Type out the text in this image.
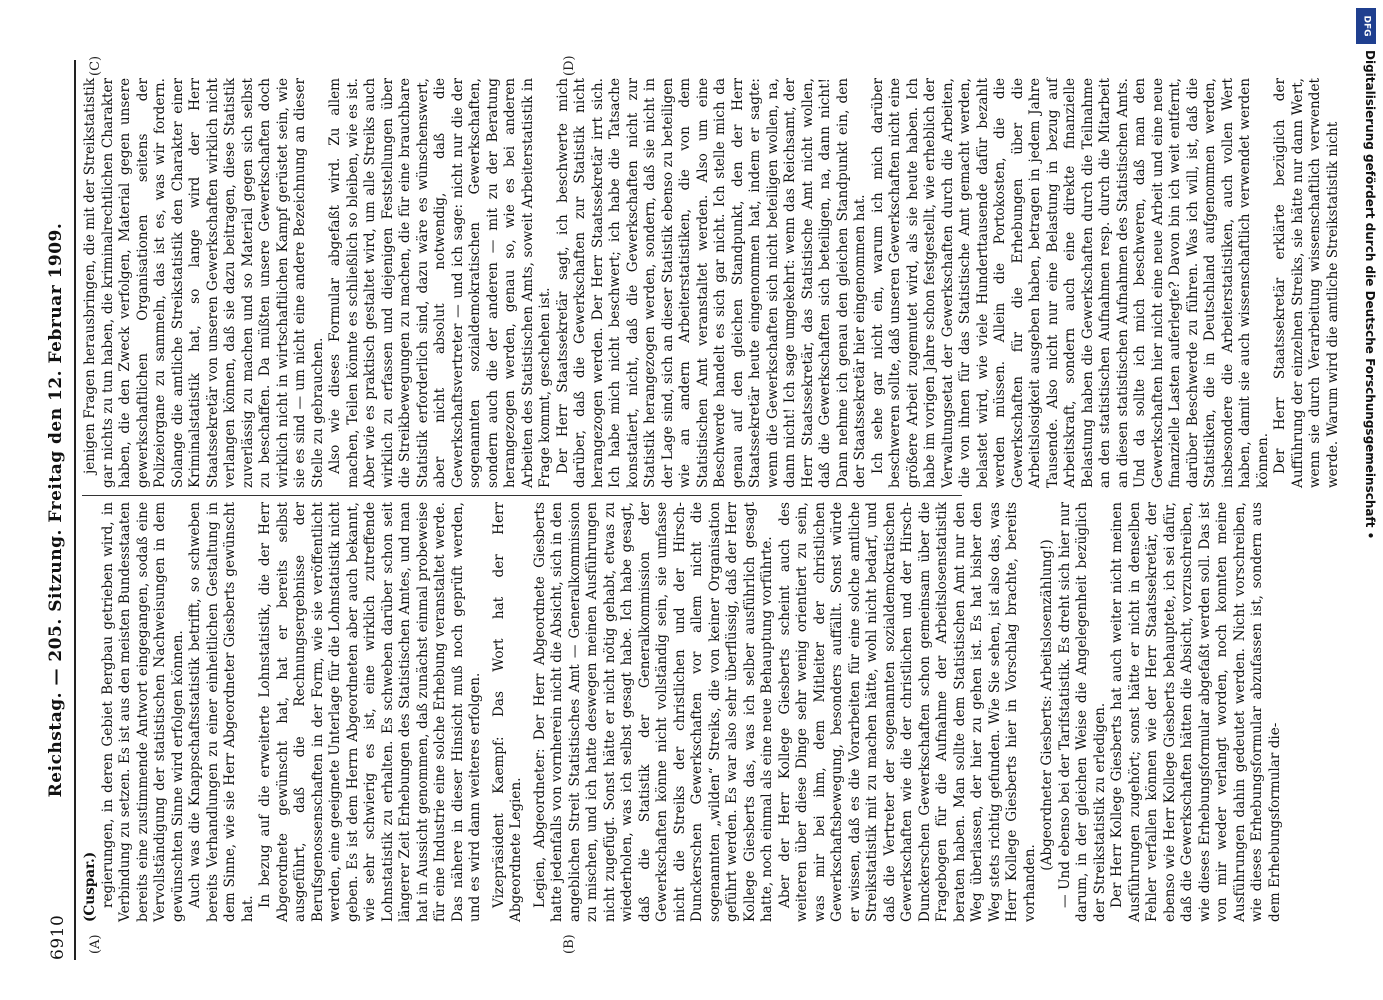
6910
Reichstag. — 205. Sitzung. Freitag den 12. Februar 1909.
(A)	(B)
(Cuspar.) regierungen, in deren Gebiet Bergbau getrieben wird, in Verbindung zu setzen. Es ist aus den meisten Bundesstaaten bereits eine zustimmende Antwort eingegangen, sodaß eine Vervollständigung der statistischen Nachweisungen in dem gewünschten Sinne wird erfolgen können. Auch was die Knappschaftsstatistik betrifft, so schweben bereits Verhandlungen zu einer einheitlichen Gestaltung in dem Sinne, wie sie Herr Abgeordneter Giesberts gewünscht hat.

In bezug auf die erweiterte Lohnstatistik, die der Herr Abgeordnete gewünscht hat, hat er bereits selbst ausgeführt, daß die Rechnungsergebnisse der Berufsgenossenschaften in der Form, wie sie veröffentlicht werden, eine geeignete Unterlage für die Lohnstatistik nicht geben. Es ist dem Herrn Abgeordneten aber auch bekannt, wie sehr schwierig es ist, eine wirklich zutreffende Lohnstatistik zu erhalten. Es schweben darüber schon seit längerer Zeit Erhebungen des Statistischen Amtes, und man hat in Aussicht genommen, daß zunächst einmal probeweise für eine Industrie eine solche Erhebung veranstaltet werde. Das nähere in dieser Hinsicht muß noch geprüft werden, und es wird dann weiteres erfolgen. Vizepräsident Kaempf: Das Wort hat der Herr Abgeordnete Legien. Legien, Abgeordneter: Der Herr Abgeordnete Giesberts hatte jedenfalls von vornherein nicht die Absicht, sich in den angeblichen Streit Statistisches Amt — Generalkommission zu mischen, und ich hatte deswegen meinen Ausführungen nicht zugefügt. Sonst hätte er nicht nötig gehabt, etwas zu wiederholen, was ich selbst gesagt habe. Ich habe gesagt, daß die Statistik der Generalkommission der Gewerkschaften könne nicht vollständig sein, sie umfasse nicht die Streiks der christlichen und der Hirsch-Dunckerschen Gewerkschaften vor allem nicht die sogenannten „wilden“ Streiks, die von keiner Organisation geführt werden. Es war also sehr überflüssig, daß der Herr Kollege Giesberts das, was ich selber ausführlich gesagt hatte, noch einmal als eine neue Behauptung vorführte. Aber der Herr Kollege Giesberts scheint auch des weiteren über diese Dinge sehr wenig orientiert zu sein, was mir bei ihm, dem Mitleiter der christlichen Gewerkschaftsbewegung, besonders auffällt. Sonst würde er wissen, daß es die Vorarbeiten für eine solche amtliche Streikstatistik mit zu machen hätte, wohl nicht bedarf, und daß die Vertreter der sogenannten sozialdemokratischen Gewerkschaften wie die der christlichen und der Hirsch-Dunckerschen Gewerkschaften schon gemeinsam über die Fragebogen für die Aufnahme der Arbeitslosenstatistik beraten haben. Man sollte dem Statistischen Amt nur den Weg überlassen, der hier zu gehen ist. Es hat bisher den Weg stets richtig gefunden. Wie Sie sehen, ist also das, was Herr Kollege Giesberts hier in Vorschlag brachte, bereits vorhanden.

(Abgeordneter Giesberts: Arbeitslosenzählung!) — Und ebenso bei der Tarifstatistik. Es dreht sich hier nur darum, in der gleichen Weise die Angelegenheit bezüglich der Streikstatistik zu erledigen. Der Herr Kollege Giesberts hat auch weiter nicht meinen Ausführungen zugehört; sonst hätte er nicht in denselben Fehler verfallen können wie der Herr Staatssekretär, der ebenso wie Herr Kollege Giesberts behauptete, ich sei dafür, daß die Gewerkschaften hätten die Absicht, vorzuschreiben, wie dieses Erhebungsformular abgefaßt werden soll. Das ist von mir weder verlangt worden, noch konnten meine Ausführungen dahin gedeutet werden. Nicht vorschreiben, wie dieses Erhebungsformular abzufassen ist, sondern aus dem Erhebungsformular die-

jenigen Fragen herausbringen, die mit der Streikstatistik gar nichts zu tun haben, die kriminalrechtlichen Charakter haben, die den Zweck verfolgen, Material gegen unsere gewerkschaftlichen Organisationen seitens der Polizeiorgane zu sammeln, das ist es, was wir fordern. Solange die amtliche Streikstatistik den Charakter einer Kriminalstatistik hat, so lange wird der Herr Staatssekretär von unseren Gewerkschaften wirklich nicht verlangen können, daß sie dazu beitragen, diese Statistik zuverlässig zu machen und so Material gegen sich selbst zu beschaffen. Da müßten unsere Gewerkschaften doch wirklich nicht in wirtschaftlichen Kampf gerüstet sein, wie sie es sind — um nicht eine andere Bezeichnung an dieser Stelle zu gebrauchen. Also wie dieses Formular abgefaßt wird. Zu allem machen, Teilen könnte es schließlich so bleiben, wie es ist. Aber wie es praktisch gestaltet wird, um alle Streiks auch wirklich zu erfassen und diejenigen Feststellungen über die Streikbewegungen zu machen, die für eine brauchbare Statistik erforderlich sind, dazu wäre es wünschenswert, aber nicht absolut notwendig, daß die Gewerkschaftsvertreter — und ich sage: nicht nur die der sogenannten sozialdemokratischen Gewerkschaften, sondern auch die der anderen — mit zu der Beratung herangezogen werden, genau so, wie es bei anderen Arbeiten des Statistischen Amts, soweit Arbeiterstatistik in Frage kommt, geschehen ist. Der Herr Staatssekretär sagt, ich beschwerte mich darüber, daß die Gewerkschaften zur Statistik nicht herangezogen werden. Der Herr Staatssekretär irrt sich. Ich habe mich nicht beschwert; ich habe die Tatsache konstatiert, nicht, daß die Gewerkschaften nicht zur Statistik herangezogen werden, sondern, daß sie nicht in der Lage sind, sich an dieser Statistik ebenso zu beteiligen wie an andern Arbeiterstatistiken, die von dem Statistischen Amt veranstaltet werden. Also um eine Beschwerde handelt es sich gar nicht. Ich stelle mich da genau auf den gleichen Standpunkt, den der Herr Staatssekretär heute eingenommen hat, indem er sagte: wenn die Gewerkschaften sich nicht beteiligen wollen, na, dann nicht! Ich sage umgekehrt: wenn das Reichsamt, der Herr Staatssekretär, das Statistische Amt nicht wollen, daß die Gewerkschaften sich beteiligen, na, dann nicht! Dann nehme ich genau den gleichen Standpunkt ein, den der Staatssekretär hier eingenommen hat. Ich sehe gar nicht ein, warum ich mich darüber beschweren sollte, daß unseren Gewerkschaften nicht eine größere Arbeit zugemutet wird, als sie heute haben. Ich habe im vorigen Jahre schon festgestellt, wie erheblich der Verwaltungsetat der Gewerkschaften durch die Arbeiten, die von ihnen für das Statistische Amt gemacht werden, belastet wird, wie viele Hunderttausende dafür bezahlt werden müssen. Allein die Portokosten, die die Gewerkschaften für die Erhebungen über die Arbeitslosigkeit ausgeben haben, betragen in jedem Jahre Tausende. Also nicht nur eine Belastung in bezug auf Arbeitskraft, sondern auch eine direkte finanzielle Belastung haben die Gewerkschaften durch die Teilnahme an den statistischen Aufnahmen resp. durch die Mitarbeit an diesen statistischen Aufnahmen des Statistischen Amts. Und da sollte ich mich beschweren, daß man den Gewerkschaften hier nicht eine neue Arbeit und eine neue finanzielle Lasten auferlegte? Davon bin ich weit entfernt, darüber Beschwerde zu führen. Was ich will, ist, daß die Statistiken, die in Deutschland aufgenommen werden, insbesondere die Arbeiterstatistiken, auch vollen Wert haben, damit sie auch wissenschaftlich verwendet werden können. Der Herr Staatssekretär erklärte bezüglich der Aufführung der einzelnen Streiks, sie hätte nur dann Wert, wenn sie durch Verarbeitung wissenschaftlich verwendet werde. Warum wird die amtliche Streikstatistik nicht

(C)	(D)
DFG
Digitalisierung gefördert durch die Deutsche Forschungsgemeinschaft •
